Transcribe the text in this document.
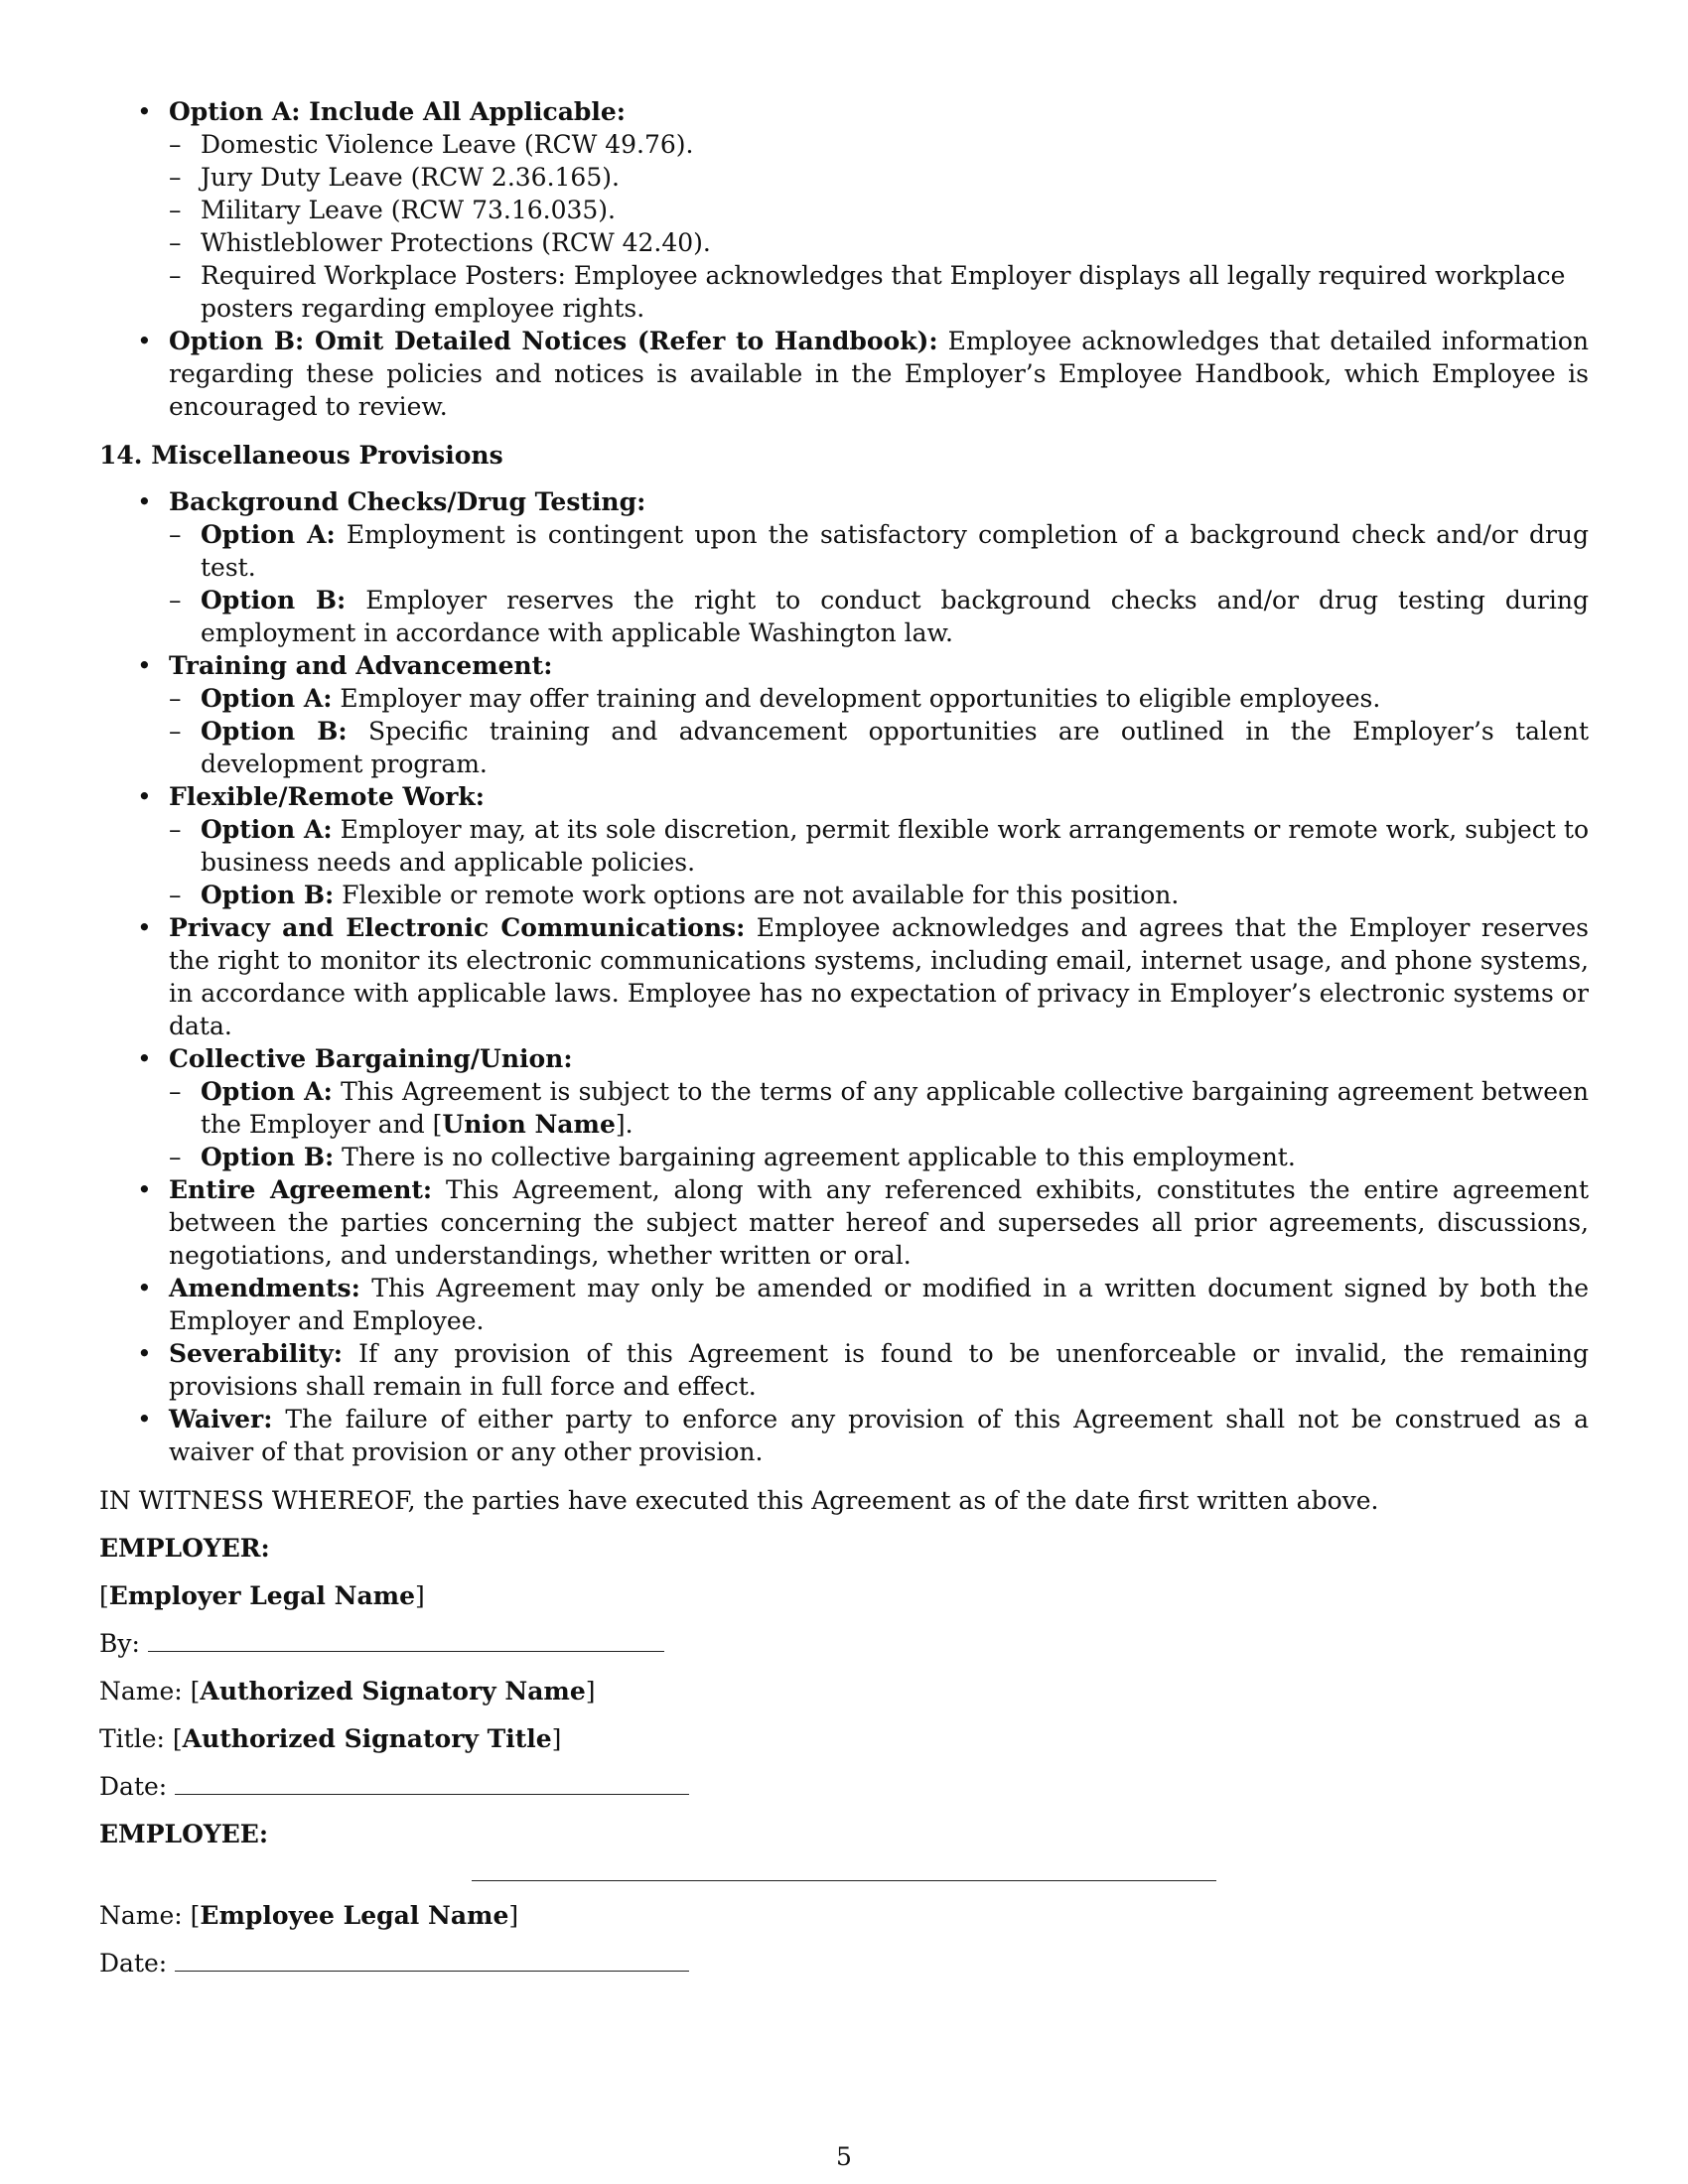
• Option A: Include All Applicable:
– Domestic Violence Leave (RCW 49.76).
– Jury Duty Leave (RCW 2.36.165).
– Military Leave (RCW 73.16.035).
– Whistleblower Protections (RCW 42.40).
– Required Workplace Posters: Employee acknowledges that Employer displays all legally required workplace posters regarding employee rights.
• Option B: Omit Detailed Notices (Refer to Handbook): Employee acknowledges that detailed information regarding these policies and notices is available in the Employer’s Employee Handbook, which Employee is encouraged to review.
14. Miscellaneous Provisions
• Background Checks/Drug Testing:
– Option A: Employment is contingent upon the satisfactory completion of a background check and/or drug test.
– Option B: Employer reserves the right to conduct background checks and/or drug testing during employment in accordance with applicable Washington law.
• Training and Advancement:
– Option A: Employer may offer training and development opportunities to eligible employees.
– Option B: Specific training and advancement opportunities are outlined in the Employer’s talent development program.
• Flexible/Remote Work:
– Option A: Employer may, at its sole discretion, permit flexible work arrangements or remote work, subject to business needs and applicable policies.
– Option B: Flexible or remote work options are not available for this position.
• Privacy and Electronic Communications: Employee acknowledges and agrees that the Employer reserves the right to monitor its electronic communications systems, including email, internet usage, and phone systems, in accordance with applicable laws. Employee has no expectation of privacy in Employer’s electronic systems or data.
• Collective Bargaining/Union:
– Option A: This Agreement is subject to the terms of any applicable collective bargaining agreement between the Employer and [Union Name].
– Option B: There is no collective bargaining agreement applicable to this employment.
• Entire Agreement: This Agreement, along with any referenced exhibits, constitutes the entire agreement between the parties concerning the subject matter hereof and supersedes all prior agreements, discussions, negotiations, and understandings, whether written or oral.
• Amendments: This Agreement may only be amended or modified in a written document signed by both the Employer and Employee.
• Severability: If any provision of this Agreement is found to be unenforceable or invalid, the remaining provisions shall remain in full force and effect.
• Waiver: The failure of either party to enforce any provision of this Agreement shall not be construed as a waiver of that provision or any other provision.
IN WITNESS WHEREOF, the parties have executed this Agreement as of the date first written above.
EMPLOYER:
[Employer Legal Name]
By:
Name: [Authorized Signatory Name]
Title: [Authorized Signatory Title]
Date:
EMPLOYEE:
Name: [Employee Legal Name]
Date:
5
